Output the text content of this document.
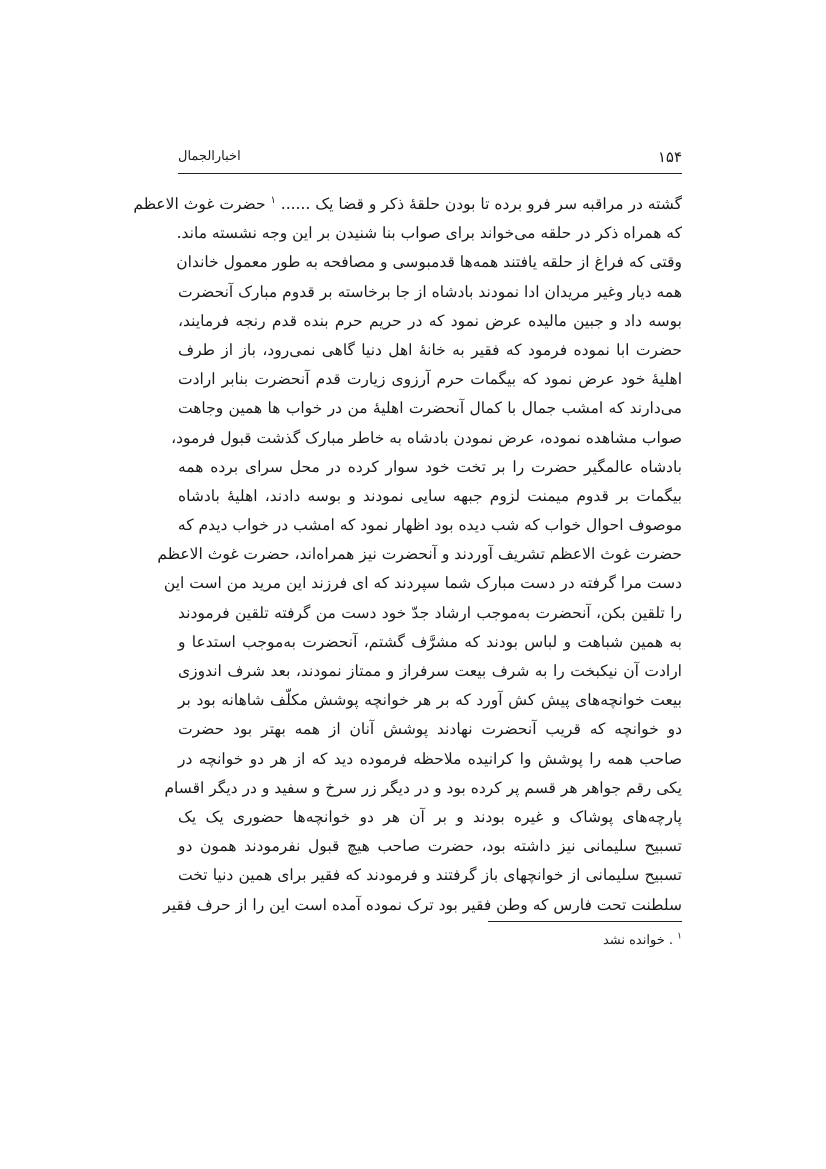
۱۵۴
اخبارالجمال
گشته در مراقبه سر فرو برده تا بودن حلقهٔ ذکر و قضا یک ...... $^۱$ حضرت غوث الاعظم
که همراه ذکر در حلقه می‌خواند برای صواب بنا شنیدن بر این وجه نشسته ماند.
وقتی که فراغ از حلقه یافتند همه‌ها قدمبوسی و مصافحه به طور معمول خاندان
همه دیار وغیر مریدان ادا نمودند بادشاه از جا برخاسته بر قدوم مبارک آنحضرت
بوسه داد و جبین مالیده عرض نمود که در حریم حرم بنده قدم رنجه فرمایند،
حضرت ابا نموده فرمود که فقیر به خانهٔ اهل دنیا گاهی نمی‌رود، باز از طرف
اهلیهٔ خود عرض نمود که بیگمات حرم آرزوی زیارت قدم آنحضرت بنابر ارادت
می‌دارند که امشب جمال با کمال آنحضرت اهلیهٔ من در خواب ها همین وجاهت
صواب مشاهده نموده، عرض نمودن بادشاه به خاطر مبارک گذشت قبول فرمود،
بادشاه عالمگیر حضرت را بر تخت خود سوار کرده در محل سرای برده همه
بیگمات بر قدوم میمنت لزوم جبهه سایی نمودند و بوسه دادند، اهلیهٔ بادشاه
موصوف احوال خواب که شب دیده بود اظهار نمود که امشب در خواب دیدم که
حضرت غوث الاعظم تشریف آوردند و آنحضرت نیز همراه‌اند، حضرت غوث الاعظم
دست مرا گرفته در دست مبارک شما سپردند که ای فرزند این مرید من است این
را تلقین بکن، آنحضرت به‌موجب ارشاد جدّ خود دست من گرفته تلقین فرمودند
به همین شباهت و لباس بودند که مشرَّف گشتم، آنحضرت به‌موجب استدعا و
ارادت آن نیکبخت را به شرف بیعت سرفراز و ممتاز نمودند، بعد شرف اندوزی
بیعت خوانچه‌های پیش کش آورد که بر هر خوانچه پوشش مکلّف شاهانه بود بر
دو خوانچه که قریب آنحضرت نهادند پوشش آنان از همه بهتر بود حضرت
صاحب همه را پوشش وا کرانیده ملاحظه فرموده دید که از هر دو خوانچه در
یکی رقم جواهر هر قسم پر کرده بود و در دیگر زر سرخ و سفید و در دیگر اقسام
پارچه‌های پوشاک و غیره بودند و بر آن هر دو خوانچه‌ها حضوری یک یک
تسبیح سلیمانی نیز داشته بود، حضرت صاحب هیچ قبول نفرمودند همون دو
تسبیح سلیمانی از خوانچهای باز گرفتند و فرمودند که فقیر برای همین دنیا تخت
سلطنت تحت فارس که وطن فقیر بود ترک نموده آمده است این را از حرف فقیر
$^۱$ . خوانده نشد
